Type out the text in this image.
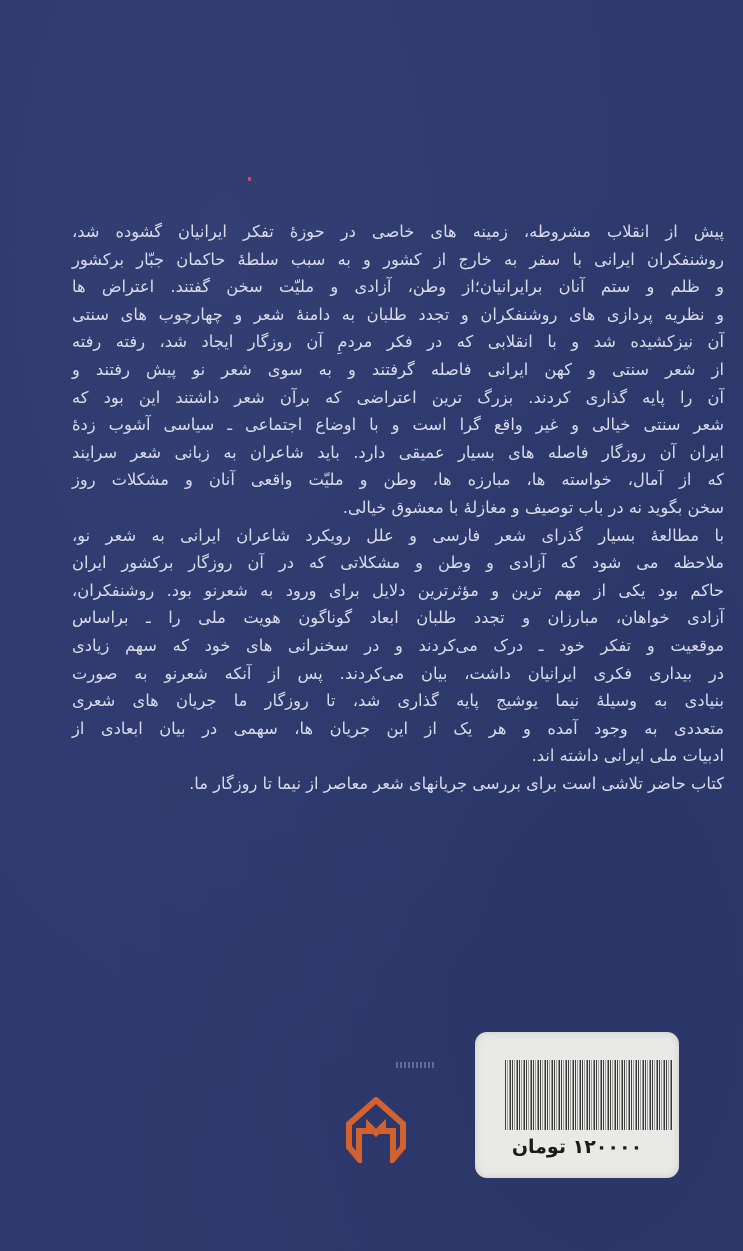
پیش از انقلاب مشروطه، زمینه های خاصی در حوزهٔ تفکر ایرانیان گشوده شد،
روشنفکران ایرانی با سفر به خارج از کشور و به سبب سلطهٔ حاکمان جبّار برکشور
و ظلم و ستم آنان برایرانیان؛از وطن، آزادی و ملیّت سخن گفتند. اعتراض ها
و نظریه پردازی های روشنفکران و تجدد طلبان به دامنهٔ شعر و چهارچوب های سنتی
آن نیزکشیده شد و با انقلابی که در فکر مردمِ آن روزگار ایجاد شد، رفته رفته
از شعر سنتی و کهن ایرانی فاصله گرفتند و به سوی شعر نو پیش رفتند و
آن را پایه گذاری کردند. بزرگ ترین اعتراضی که برآن شعر داشتند این بود که
شعر سنتی خیالی و غیر واقع گرا است و با اوضاع اجتماعی ـ سیاسی آشوب زدهٔ
ایران آن روزگار فاصله های بسیار عمیقی دارد. باید شاعران به زبانی شعر سرایند
که از آمال، خواسته ها، مبارزه ها، وطن و ملیّت واقعی آنان و مشکلات روز
سخن بگوید نه در باب توصیف و مغازلهٔ با معشوق خیالی.
با مطالعهٔ بسیار گذرای شعر فارسی و علل رویکرد شاعران ایرانی به شعر نو،
ملاحظه می شود که آزادی و وطن و مشکلاتی که در آن روزگار برکشور ایران
حاکم بود یکی از مهم ترین و مؤثرترین دلایل برای ورود به شعرنو بود. روشنفکران،
آزادی خواهان، مبارزان و تجدد طلبان ابعاد گوناگون هویت ملی را ـ براساس
موقعیت و تفکر خود ـ درک می‌کردند و در سخنرانی های خود که سهم زیادی
در بیداری فکری ایرانیان داشت، بیان می‌کردند. پس از آنکه شعرنو به صورت
بنیادی به وسیلهٔ نیما یوشیج پایه گذاری شد، تا روزگار ما جریان های شعری
متعددی به وجود آمده و هر یک از این جریان ها، سهمی در بیان ابعادی از
ادبیات ملی ایرانی داشته اند.
کتاب حاضر تلاشی است برای بررسی جریانهای شعر معاصر از نیما تا روزگار ما.
۱۲۰۰۰۰ تومان
